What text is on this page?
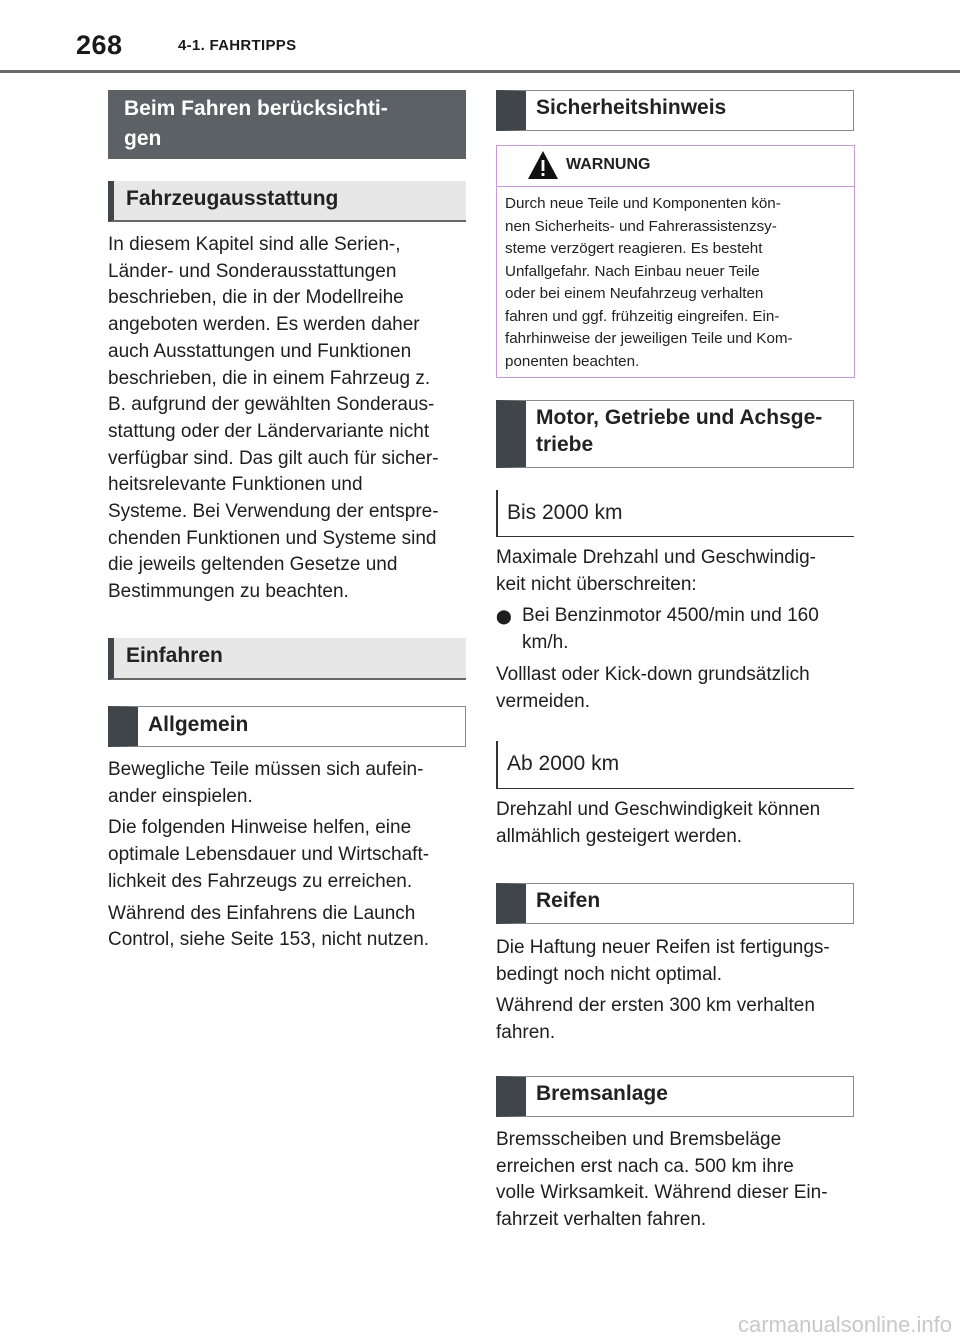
268	4-1. FAHRTIPPS
Beim Fahren berücksichti-
gen
Fahrzeugausstattung

In diesem Kapitel sind alle Serien-,

Länder- und Sonderausstattungen

beschrieben, die in der Modellreihe

angeboten werden. Es werden daher

auch Ausstattungen und Funktionen

beschrieben, die in einem Fahrzeug z.

B. aufgrund der gewählten Sonderaus-

stattung oder der Ländervariante nicht

verfügbar sind. Das gilt auch für sicher-

heitsrelevante Funktionen und

Systeme. Bei Verwendung der entspre-

chenden Funktionen und Systeme sind

die jeweils geltenden Gesetze und

Bestimmungen zu beachten.

Einfahren
Allgemein

Bewegliche Teile müssen sich aufein-

ander einspielen.

Die folgenden Hinweise helfen, eine

optimale Lebensdauer und Wirtschaft-

lichkeit des Fahrzeugs zu erreichen.

Während des Einfahrens die Launch

Control, siehe Seite 153, nicht nutzen.

Sicherheitshinweis
WARNUNG
Durch neue Teile und Komponenten kön-
nen Sicherheits- und Fahrerassistenzsy-
steme verzögert reagieren. Es besteht
Unfallgefahr. Nach Einbau neuer Teile
oder bei einem Neufahrzeug verhalten
fahren und ggf. frühzeitig eingreifen. Ein-
fahrhinweise der jeweiligen Teile und Kom-
ponenten beachten.
Motor, Getriebe und Achsge-
triebe
Bis 2000 km

Maximale Drehzahl und Geschwindig-

keit nicht überschreiten:

⬤ Bei Benzinmotor 4500/min und 160

km/h.

Volllast oder Kick-down grundsätzlich

vermeiden.

Ab 2000 km

Drehzahl und Geschwindigkeit können

allmählich gesteigert werden.

Reifen

Die Haftung neuer Reifen ist fertigungs-

bedingt noch nicht optimal.

Während der ersten 300 km verhalten

fahren.

Bremsanlage

Bremsscheiben und Bremsbeläge

erreichen erst nach ca. 500 km ihre

volle Wirksamkeit. Während dieser Ein-

fahrzeit verhalten fahren.

carmanualsonline.info
